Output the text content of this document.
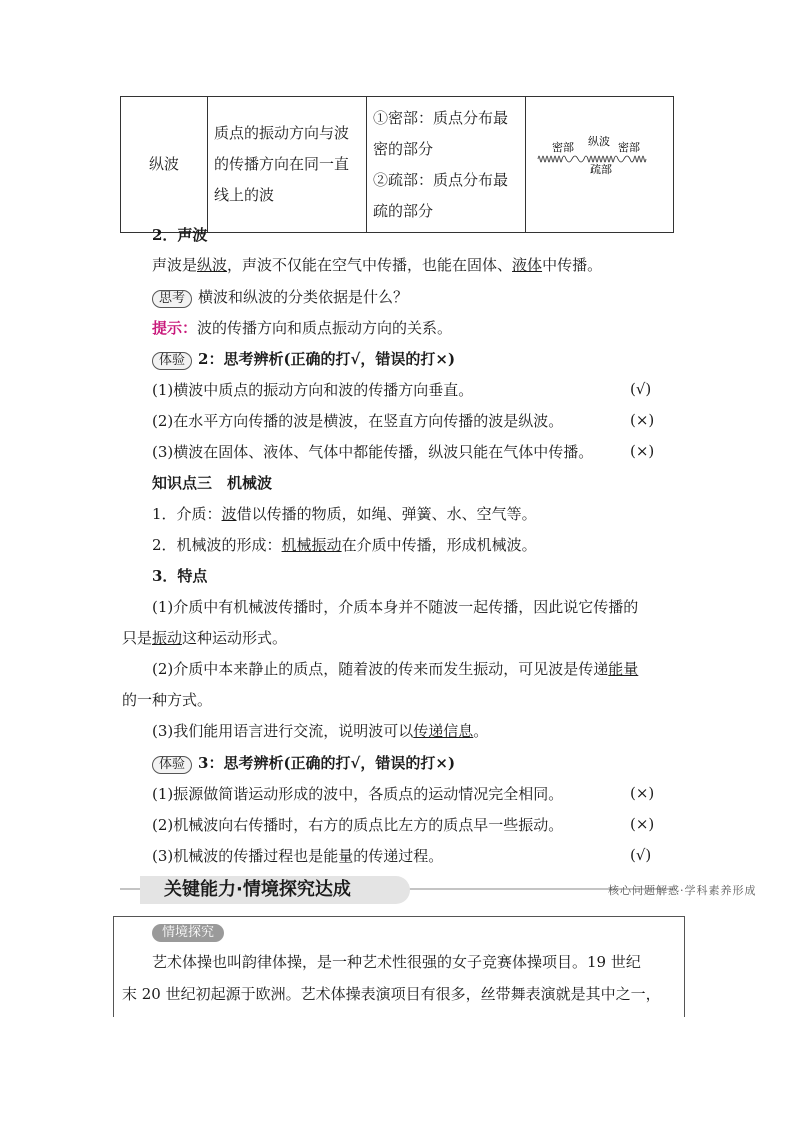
纵波	
质点的振动方向与波
的传播方向在同一直
线上的波

①密部：质点分布最
密的部分
②疏部：质点分布最
疏的部分

密部 纵波 密部
疏部
2．声波
声波是纵波，声波不仅能在空气中传播，也能在固体、液体中传播。
思考 横波和纵波的分类依据是什么？
提示：波的传播方向和质点振动方向的关系。
体验 2：思考辨析(正确的打√，错误的打×)
(1)横波中质点的振动方向和波的传播方向垂直。	(√)
(2)在水平方向传播的波是横波，在竖直方向传播的波是纵波。	(×)
(3)横波在固体、液体、气体中都能传播，纵波只能在气体中传播。 (×)
知识点三　机械波
1．介质：波借以传播的物质，如绳、弹簧、水、空气等。
2．机械波的形成：机械振动在介质中传播，形成机械波。
3．特点
(1)介质中有机械波传播时，介质本身并不随波一起传播，因此说它传播的
只是振动这种运动形式。
(2)介质中本来静止的质点，随着波的传来而发生振动，可见波是传递能量
的一种方式。
(3)我们能用语言进行交流，说明波可以传递信息。
体验 3：思考辨析(正确的打√，错误的打×)
(1)振源做简谐运动形成的波中，各质点的运动情况完全相同。	(×)
(2)机械波向右传播时，右方的质点比左方的质点早一些振动。	(×)
(3)机械波的传播过程也是能量的传递过程。	(√)
关键能力·情境探究达成	核心问题解惑·学科素养形成
情境探究
艺术体操也叫韵律体操，是一种艺术性很强的女子竞赛体操项目。19 世纪
末 20 世纪初起源于欧洲。艺术体操表演项目有很多，丝带舞表演就是其中之一，
